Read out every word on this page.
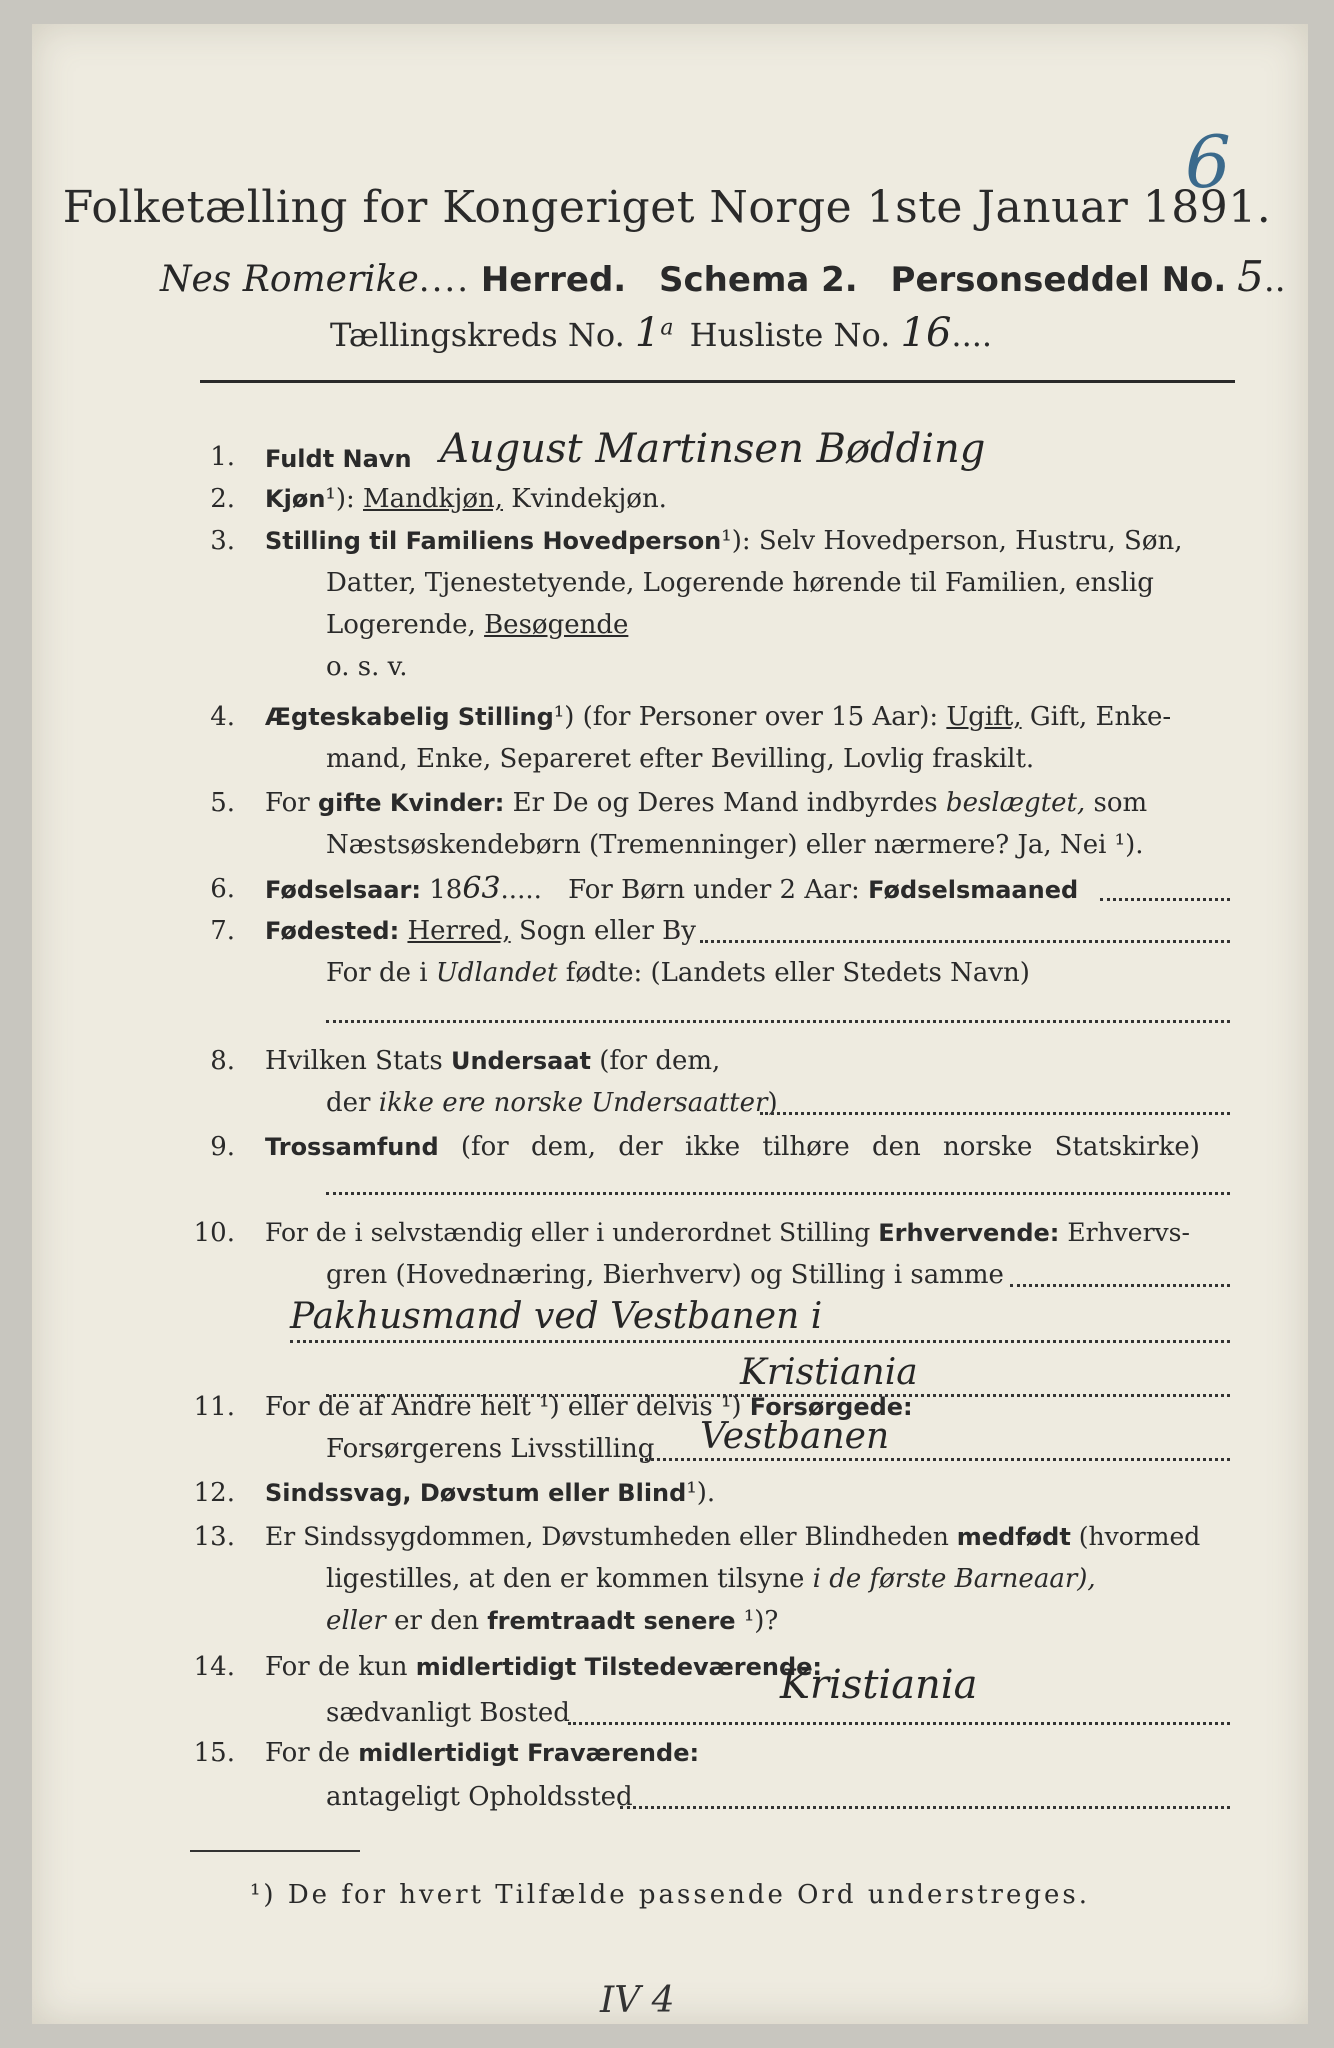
6
Folketælling for Kongeriget Norge 1ste Januar 1891.
Nes Romerike.... Herred. Schema 2. Personseddel No. 5..
Tællingskreds No. 1$^a$ Husliste No. 16....
1. Fuldt Navn August Martinsen Bødding
2. Kjøn¹): Mandkjøn, Kvindekjøn.
3. Stilling til Familiens Hovedperson¹): Selv Hovedperson, Hustru, Søn,
Datter, Tjenestetyende, Logerende hørende til Familien, enslig
Logerende, Besøgende
o. s. v.
4. Ægteskabelig Stilling¹) (for Personer over 15 Aar): Ugift, Gift, Enke-
mand, Enke, Separeret efter Bevilling, Lovlig fraskilt.
5. For gifte Kvinder: Er De og Deres Mand indbyrdes beslægtet, som
Næstsøskendebørn (Tremenninger) eller nærmere? Ja, Nei ¹).
6. Fødselsaar: 1863..... For Børn under 2 Aar: Fødselsmaaned
7. Fødested: Herred, Sogn eller By
For de i Udlandet fødte: (Landets eller Stedets Navn)
8. Hvilken Stats Undersaat (for dem,
der ikke ere norske Undersaatter)
9. Trossamfund (for dem, der ikke tilhøre den norske Statskirke)
10. For de i selvstændig eller i underordnet Stilling Erhvervende: Erhvervs-
gren (Hovednæring, Bierhverv) og Stilling i samme
Pakhusmand ved Vestbanen i
Kristiania
11. For de af Andre helt ¹) eller delvis ¹) Forsørgede:
Forsørgerens Livsstilling Vestbanen
12. Sindssvag, Døvstum eller Blind¹).
13. Er Sindssygdommen, Døvstumheden eller Blindheden medfødt (hvormed
ligestilles, at den er kommen tilsyne i de første Barneaar),
eller er den fremtraadt senere ¹)?
14. For de kun midlertidigt Tilstedeværende:
sædvanligt Bosted
Kristiania
15. For de midlertidigt Fraværende:
antageligt Opholdssted
¹) De for hvert Tilfælde passende Ord understreges.
IV 4
